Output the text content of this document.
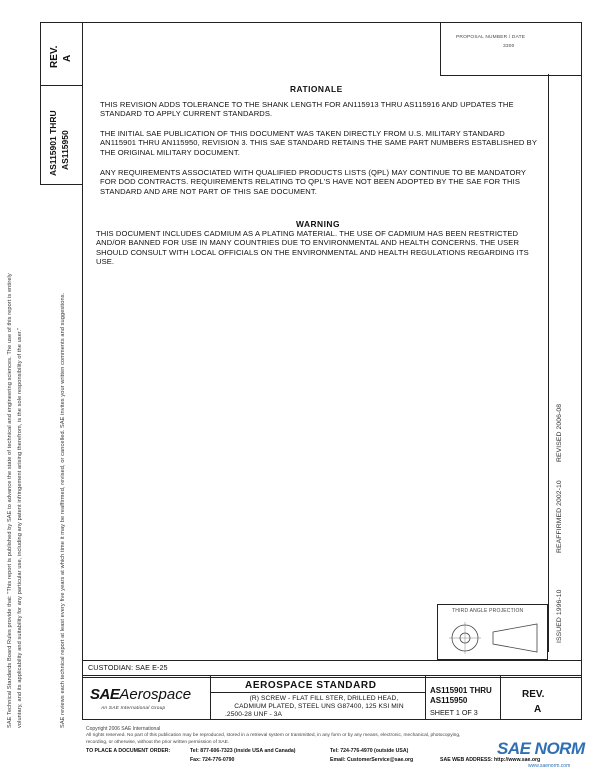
REV. A
AS115901 THRU AS115950
PROPOSAL NUMBER / DATE
3300
SAE Technical Standards Board Rules provide that: "This report is published by SAE to advance the state of technical and engineering sciences. The use of this report is entirely voluntary, and its applicability and suitability for any particular use, including any patent infringement arising therefrom, is the sole responsibility of the user."	SAE reviews each technical report at least every five years at which time it may be reaffirmed, revised, or cancelled. SAE invites your written comments and suggestions.
RATIONALE
THIS REVISION ADDS TOLERANCE TO THE SHANK LENGTH FOR AN115913 THRU AS115916 AND UPDATES THE STANDARD TO APPLY CURRENT STANDARDS.
THE INITIAL SAE PUBLICATION OF THIS DOCUMENT WAS TAKEN DIRECTLY FROM U.S. MILITARY STANDARD AN115901 THRU AN115950, REVISION 3. THIS SAE STANDARD RETAINS THE SAME PART NUMBERS ESTABLISHED BY THE ORIGINAL MILITARY DOCUMENT.
ANY REQUIREMENTS ASSOCIATED WITH QUALIFIED PRODUCTS LISTS (QPL) MAY CONTINUE TO BE MANDATORY FOR DOD CONTRACTS. REQUIREMENTS RELATING TO QPL'S HAVE NOT BEEN ADOPTED BY THE SAE FOR THIS STANDARD AND ARE NOT PART OF THIS SAE DOCUMENT.
WARNING
THIS DOCUMENT INCLUDES CADMIUM AS A PLATING MATERIAL. THE USE OF CADMIUM HAS BEEN RESTRICTED AND/OR BANNED FOR USE IN MANY COUNTRIES DUE TO ENVIRONMENTAL AND HEALTH CONCERNS. THE USER SHOULD CONSULT WITH LOCAL OFFICIALS ON THE ENVIRONMENTAL AND HEALTH REGULATIONS REGARDING ITS USE.
ISSUED 1996-10
REAFFIRMED 2002-10
REVISED 2006-08
THIRD ANGLE PROJECTION
CUSTODIAN: SAE E-25
SAEAerospace
An SAE International Group
AEROSPACE STANDARD
(R) SCREW - FLAT FILL STER, DRILLED HEAD,
CADMIUM PLATED, STEEL UNS G87400, 125 KSI MIN
.2500-28 UNF - 3A
AS115901 THRU
AS115950
SHEET 1 OF 3
REV.
A
Copyright 2006 SAE International
All rights reserved. No part of this publication may be reproduced, stored in a retrieval system or transmitted, in any form or by any means, electronic, mechanical, photocopying,
recording, or otherwise, without the prior written permission of SAE.
TO PLACE A DOCUMENT ORDER:	Tel: 877-606-7323 (inside USA and Canada)	Tel: 724-776-4970 (outside USA)
Fax: 724-776-0790	Email: CustomerService@sae.org	SAE WEB ADDRESS: http://www.sae.org
SAE NORM
www.saenorm.com
